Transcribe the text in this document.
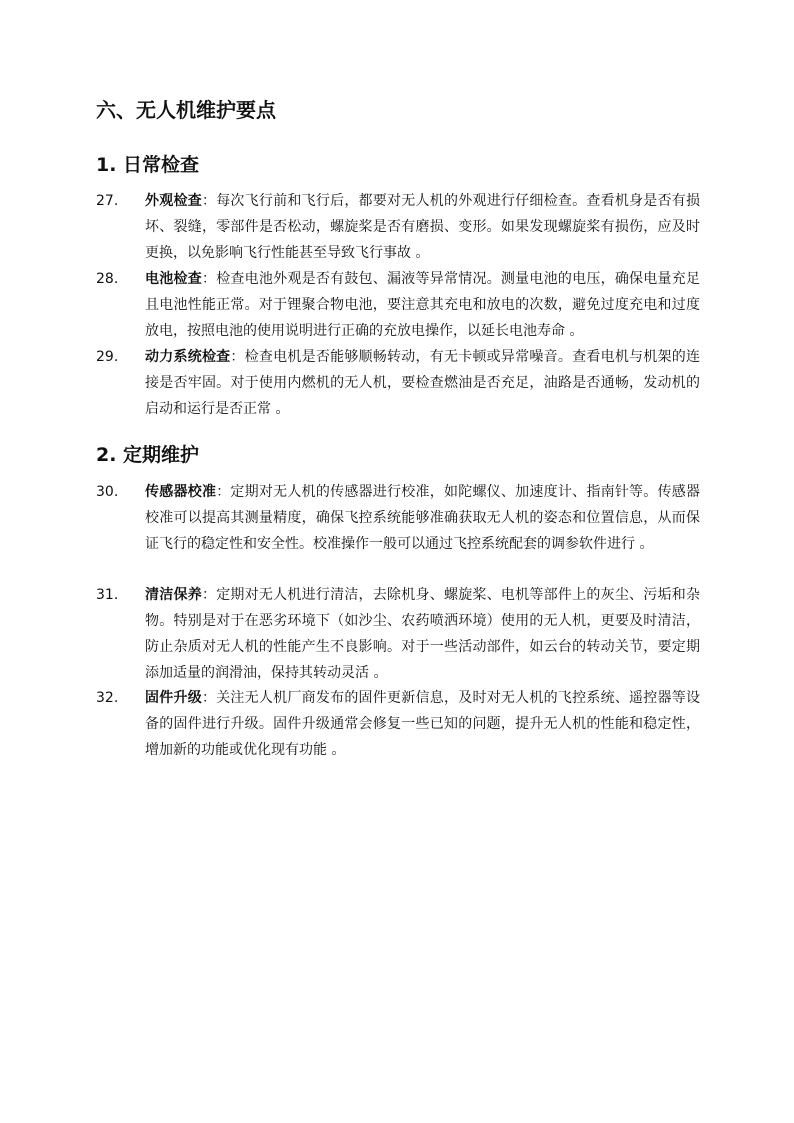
六、无人机维护要点
1. 日常检查
27. 外观检查：每次飞行前和飞行后，都要对无人机的外观进行仔细检查。查看机身是否有损坏、裂缝，零部件是否松动，螺旋桨是否有磨损、变形。如果发现螺旋桨有损伤，应及时更换，以免影响飞行性能甚至导致飞行事故 。
28. 电池检查：检查电池外观是否有鼓包、漏液等异常情况。测量电池的电压，确保电量充足且电池性能正常。对于锂聚合物电池，要注意其充电和放电的次数，避免过度充电和过度放电，按照电池的使用说明进行正确的充放电操作，以延长电池寿命 。
29. 动力系统检查：检查电机是否能够顺畅转动，有无卡顿或异常噪音。查看电机与机架的连接是否牢固。对于使用内燃机的无人机，要检查燃油是否充足，油路是否通畅，发动机的启动和运行是否正常 。
2. 定期维护
30. 传感器校准：定期对无人机的传感器进行校准，如陀螺仪、加速度计、指南针等。传感器校准可以提高其测量精度，确保飞控系统能够准确获取无人机的姿态和位置信息，从而保证飞行的稳定性和安全性。校准操作一般可以通过飞控系统配套的调参软件进行 。
31. 清洁保养：定期对无人机进行清洁，去除机身、螺旋桨、电机等部件上的灰尘、污垢和杂物。特别是对于在恶劣环境下（如沙尘、农药喷洒环境）使用的无人机，更要及时清洁，防止杂质对无人机的性能产生不良影响。对于一些活动部件，如云台的转动关节，要定期添加适量的润滑油，保持其转动灵活 。
32. 固件升级：关注无人机厂商发布的固件更新信息，及时对无人机的飞控系统、遥控器等设备的固件进行升级。固件升级通常会修复一些已知的问题，提升无人机的性能和稳定性，增加新的功能或优化现有功能 。
